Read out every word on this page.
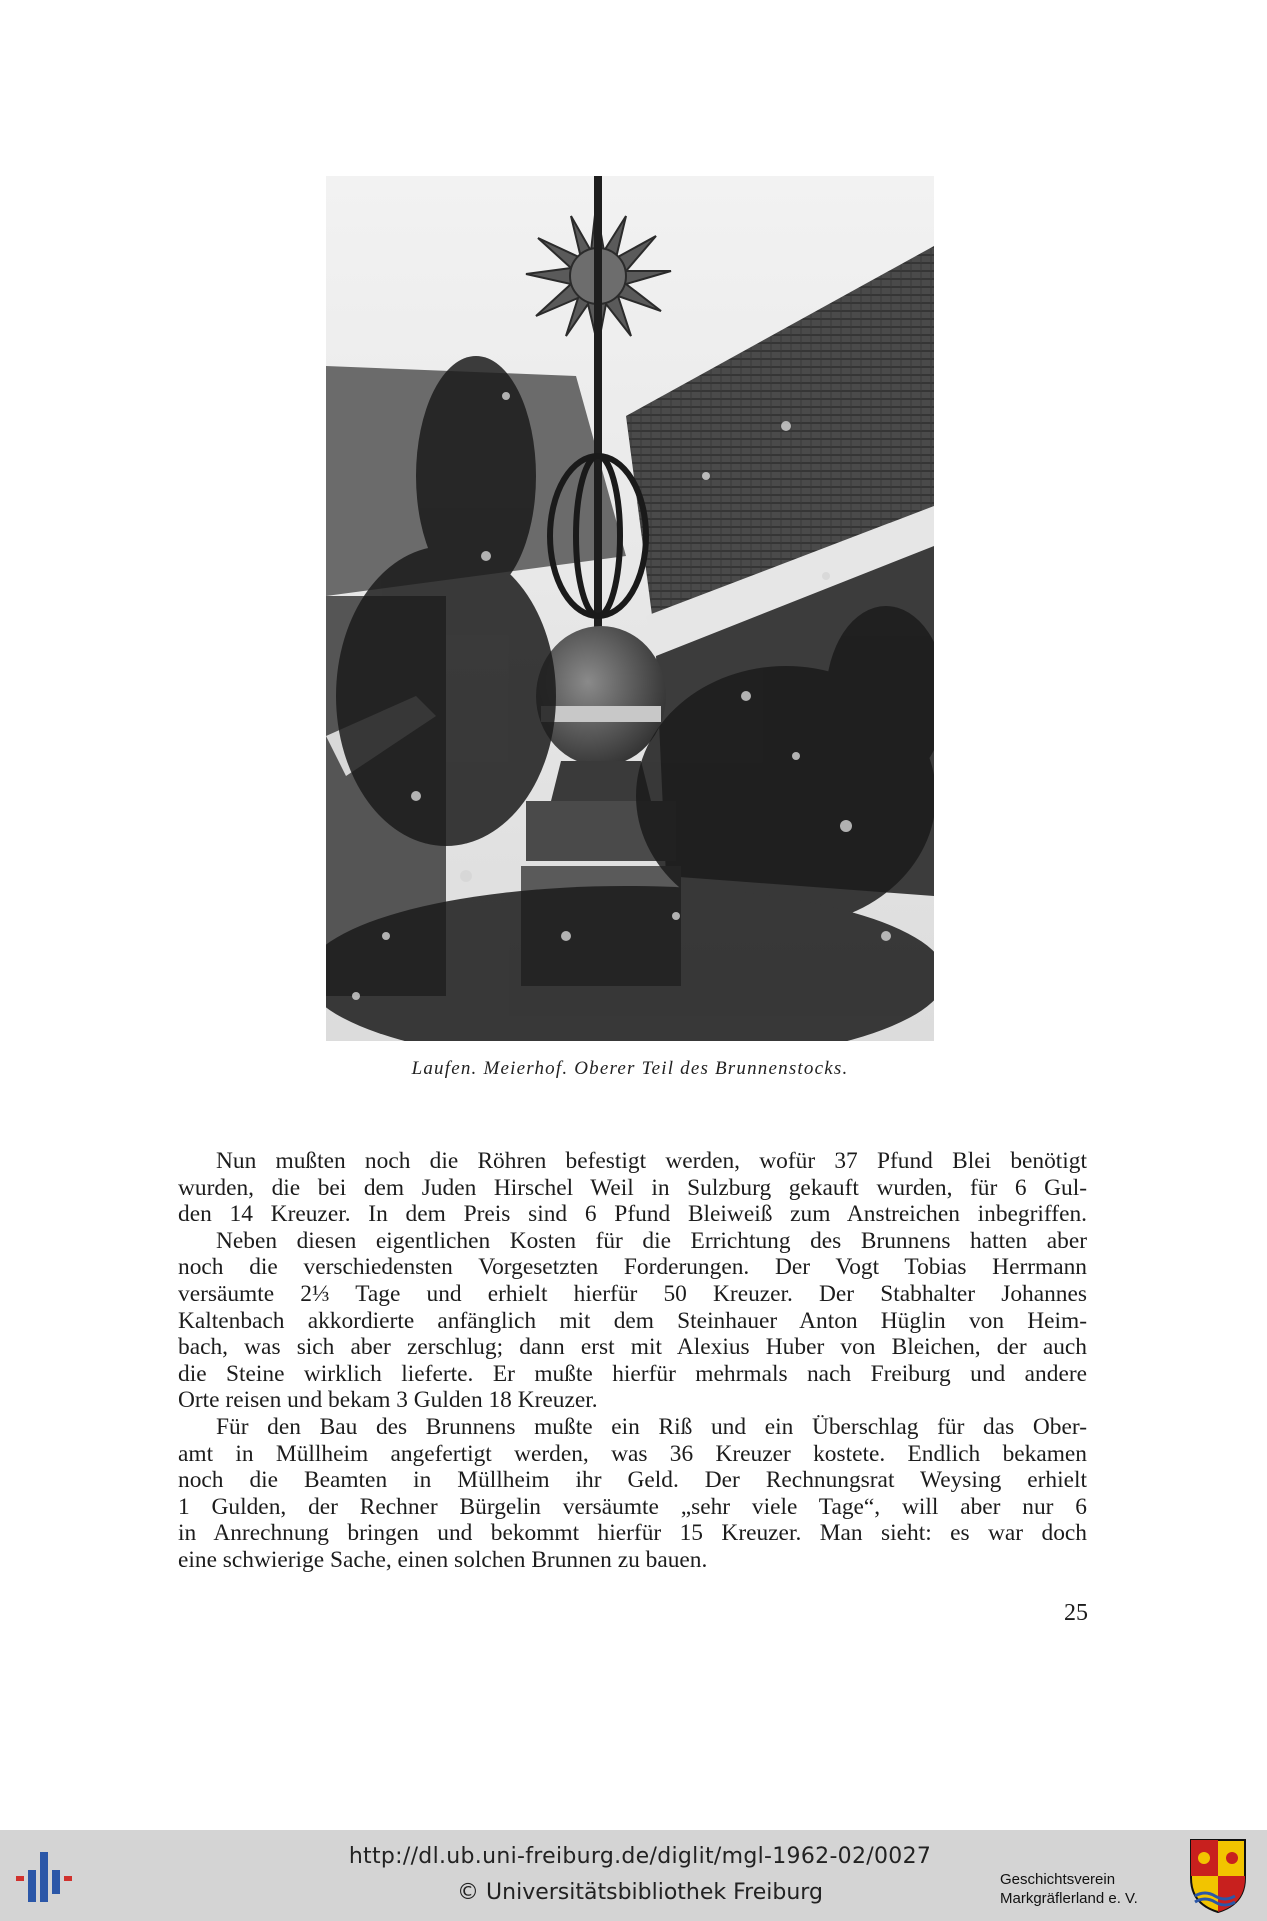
Laufen. Meierhof. Oberer Teil des Brunnenstocks.

Nun mußten noch die Röhren befestigt werden, wofür 37 Pfund Blei benötigt
wurden, die bei dem Juden Hirschel Weil in Sulzburg gekauft wurden, für 6 Gul-
den 14 Kreuzer. In dem Preis sind 6 Pfund Bleiweiß zum Anstreichen inbegriffen.

Neben diesen eigentlichen Kosten für die Errichtung des Brunnens hatten aber
noch die verschiedensten Vorgesetzten Forderungen. Der Vogt Tobias Herrmann
versäumte 2⅓ Tage und erhielt hierfür 50 Kreuzer. Der Stabhalter Johannes
Kaltenbach akkordierte anfänglich mit dem Steinhauer Anton Hüglin von Heim-
bach, was sich aber zerschlug; dann erst mit Alexius Huber von Bleichen, der auch
die Steine wirklich lieferte. Er mußte hierfür mehrmals nach Freiburg und andere
Orte reisen und bekam 3 Gulden 18 Kreuzer.

Für den Bau des Brunnens mußte ein Riß und ein Überschlag für das Ober-
amt in Müllheim angefertigt werden, was 36 Kreuzer kostete. Endlich bekamen
noch die Beamten in Müllheim ihr Geld. Der Rechnungsrat Weysing erhielt
1 Gulden, der Rechner Bürgelin versäumte „sehr viele Tage“, will aber nur 6
in Anrechnung bringen und bekommt hierfür 15 Kreuzer. Man sieht: es war doch
eine schwierige Sache, einen solchen Brunnen zu bauen.

25
http://dl.ub.uni-freiburg.de/diglit/mgl-1962-02/0027
© Universitätsbibliothek Freiburg
Geschichtsverein
Markgräflerland e. V.
